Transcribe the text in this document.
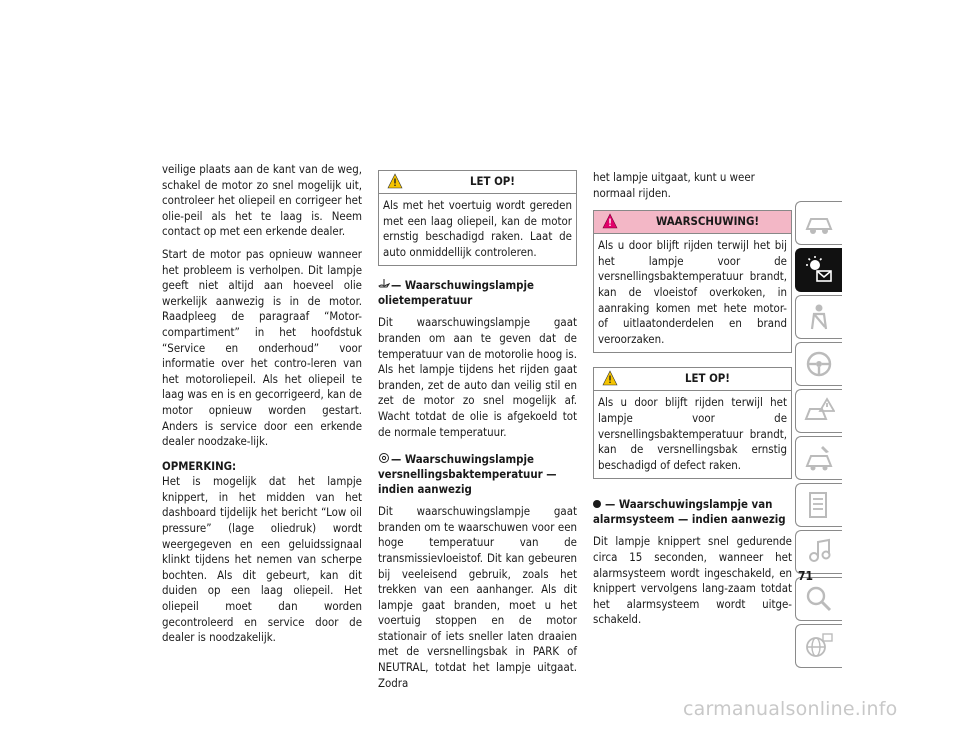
veilige plaats aan de kant van de weg, schakel de motor zo snel mogelijk uit, controleer het oliepeil en corrigeer het olie-peil als het te laag is. Neem contact op met een erkende dealer.

Start de motor pas opnieuw wanneer het probleem is verholpen. Dit lampje geeft niet altijd aan hoeveel olie werkelijk aanwezig is in de motor. Raadpleeg de paragraaf “Motor-compartiment” in het hoofdstuk “Service en onderhoud” voor informatie over het contro-leren van het motoroliepeil. Als het oliepeil te laag was en is en gecorrigeerd, kan de motor opnieuw worden gestart. Anders is service door een erkende dealer noodzake-lijk.

OPMERKING:
Het is mogelijk dat het lampje knippert, in het midden van het dashboard tijdelijk het bericht “Low oil pressure” (lage oliedruk) wordt weergegeven en een geluidssignaal klinkt tijdens het nemen van scherpe bochten. Als dit gebeurt, kan dit duiden op een laag oliepeil. Het oliepeil moet dan worden gecontroleerd en service door de dealer is noodzakelijk.

LET OP!
Als met het voertuig wordt gereden met een laag oliepeil, kan de motor ernstig beschadigd raken. Laat de auto onmiddellijk controleren.
— Waarschuwingslampje olietemperatuur

Dit waarschuwingslampje gaat branden om aan te geven dat de temperatuur van de motorolie hoog is. Als het lampje tijdens het rijden gaat branden, zet de auto dan veilig stil en zet de motor zo snel mogelijk af. Wacht totdat de olie is afgekoeld tot de normale temperatuur.

— Waarschuwingslampje versnellingsbaktemperatuur — indien aanwezig

Dit waarschuwingslampje gaat branden om te waarschuwen voor een hoge temperatuur van de transmissievloeistof. Dit kan gebeuren bij veeleisend gebruik, zoals het trekken van een aanhanger. Als dit lampje gaat branden, moet u het voertuig stoppen en de motor stationair of iets sneller laten draaien met de versnellingsbak in PARK of NEUTRAL, totdat het lampje uitgaat. Zodra

het lampje uitgaat, kunt u weer normaal rijden.

WAARSCHUWING!
Als u door blijft rijden terwijl het bij het lampje voor de versnellingsbaktemperatuur brandt, kan de vloeistof overkoken, in aanraking komen met hete motor- of uitlaatonderdelen en brand veroorzaken.
LET OP!
Als u door blijft rijden terwijl het lampje voor de versnellingsbaktemperatuur brandt, kan de versnellingsbak ernstig beschadigd of defect raken.
— Waarschuwingslampje van alarmsysteem — indien aanwezig

Dit lampje knippert snel gedurende circa 15 seconden, wanneer het alarmsysteem wordt ingeschakeld, en knippert vervolgens lang-zaam totdat het alarmsysteem wordt uitge-schakeld.

71
carmanualsonline.info
